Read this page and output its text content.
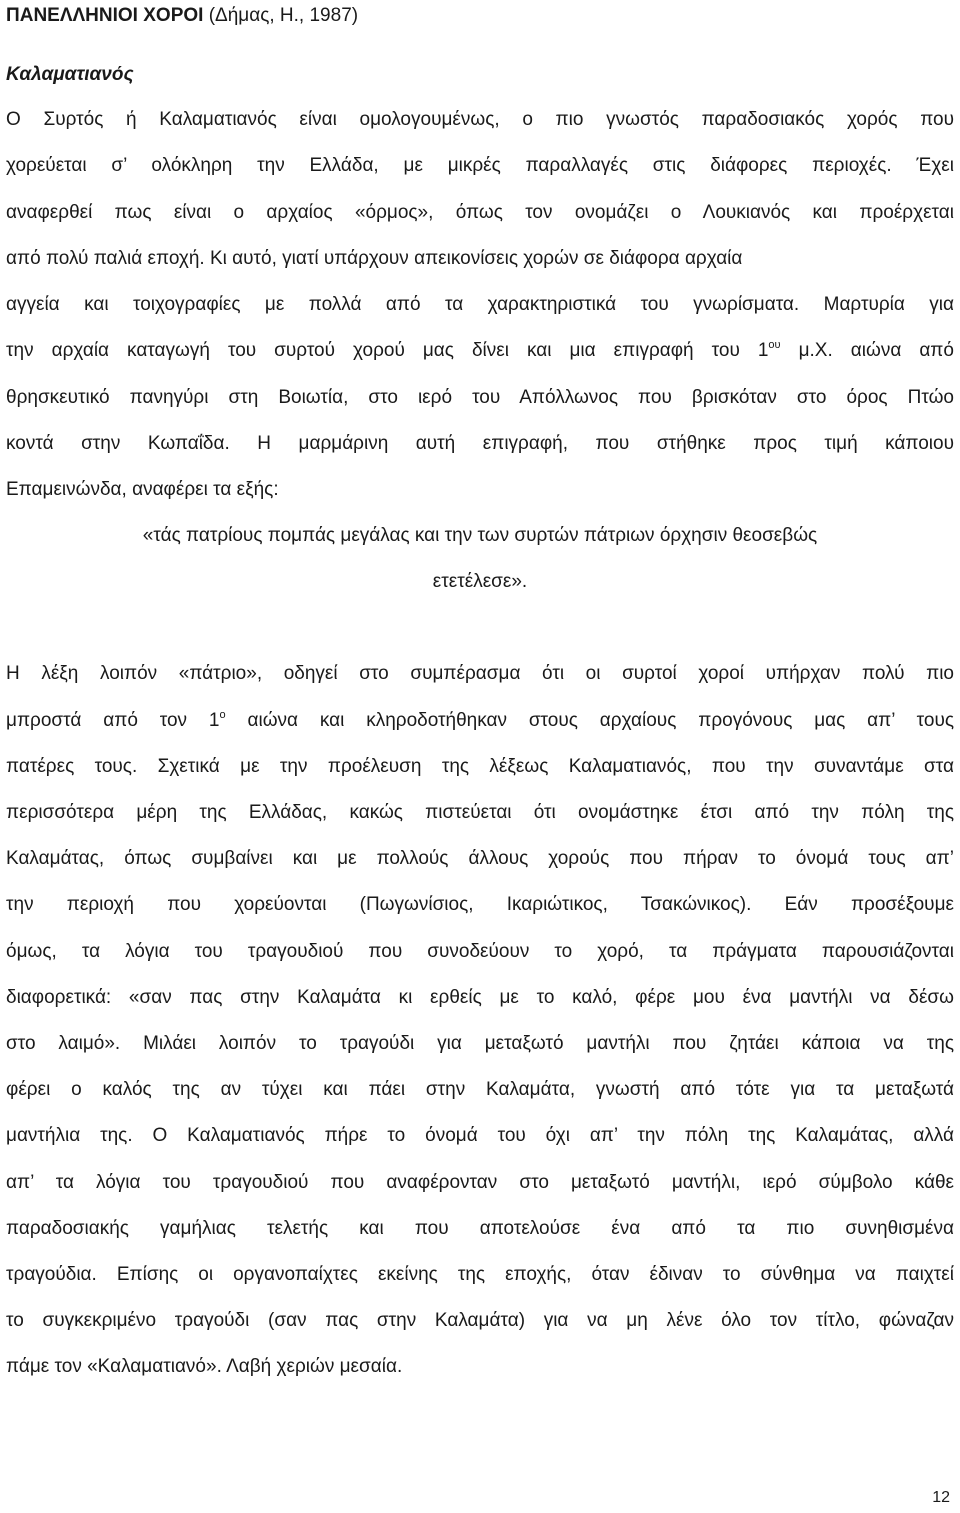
ΠΑΝΕΛΛΗΝΙΟΙ ΧΟΡΟΙ (Δήμας, Η., 1987)
Καλαματιανός
Ο Συρτός ή Καλαματιανός είναι ομολογουμένως, ο πιο γνωστός παραδοσιακός χορός που
χορεύεται σ’ ολόκληρη την Ελλάδα, με μικρές παραλλαγές στις διάφορες περιοχές. Έχει
αναφερθεί πως είναι ο αρχαίος «όρμος», όπως τον ονομάζει ο Λουκιανός και προέρχεται
από πολύ παλιά εποχή. Κι αυτό, γιατί υπάρχουν απεικονίσεις χορών σε διάφορα αρχαία
αγγεία και τοιχογραφίες με πολλά από τα χαρακτηριστικά του γνωρίσματα. Μαρτυρία για
την αρχαία καταγωγή του συρτού χορού μας δίνει και μια επιγραφή του $1^{o\upsilon}$ μ.Χ. αιώνα από
θρησκευτικό πανηγύρι στη Βοιωτία, στο ιερό του Απόλλωνος που βρισκόταν στο όρος Πτώο
κοντά στην Κωπαΐδα. Η μαρμάρινη αυτή επιγραφή, που στήθηκε προς τιμή κάποιου
Επαμεινώνδα, αναφέρει τα εξής:
«τάς πατρίους πομπάς μεγάλας και την των συρτών πάτριων όρχησιν θεοσεβώς
ετετέλεσε».
Η λέξη λοιπόν «πάτριο», οδηγεί στο συμπέρασμα ότι οι συρτοί χοροί υπήρχαν πολύ πιο
μπροστά από τον $1^o$ αιώνα και κληροδοτήθηκαν στους αρχαίους προγόνους μας απ’ τους
πατέρες τους. Σχετικά με την προέλευση της λέξεως Καλαματιανός, που την συναντάμε στα
περισσότερα μέρη της Ελλάδας, κακώς πιστεύεται ότι ονομάστηκε έτσι από την πόλη της
Καλαμάτας, όπως συμβαίνει και με πολλούς άλλους χορούς που πήραν το όνομά τους απ’
την περιοχή που χορεύονται (Πωγωνίσιος, Ικαριώτικος, Τσακώνικος). Εάν προσέξουμε
όμως, τα λόγια του τραγουδιού που συνοδεύουν το χορό, τα πράγματα παρουσιάζονται
διαφορετικά: «σαν πας στην Καλαμάτα κι ερθείς με το καλό, φέρε μου ένα μαντήλι να δέσω
στο λαιμό». Μιλάει λοιπόν το τραγούδι για μεταξωτό μαντήλι που ζητάει κάποια να της
φέρει ο καλός της αν τύχει και πάει στην Καλαμάτα, γνωστή από τότε για τα μεταξωτά
μαντήλια της. Ο Καλαματιανός πήρε το όνομά του όχι απ’ την πόλη της Καλαμάτας, αλλά
απ’ τα λόγια του τραγουδιού που αναφέρονταν στο μεταξωτό μαντήλι, ιερό σύμβολο κάθε
παραδοσιακής γαμήλιας τελετής και που αποτελούσε ένα από τα πιο συνηθισμένα
τραγούδια. Επίσης οι οργανοπαίχτες εκείνης της εποχής, όταν έδιναν το σύνθημα να παιχτεί
το συγκεκριμένο τραγούδι (σαν πας στην Καλαμάτα) για να μη λένε όλο τον τίτλο, φώναζαν
πάμε τον «Καλαματιανό». Λαβή χεριών μεσαία.
12
